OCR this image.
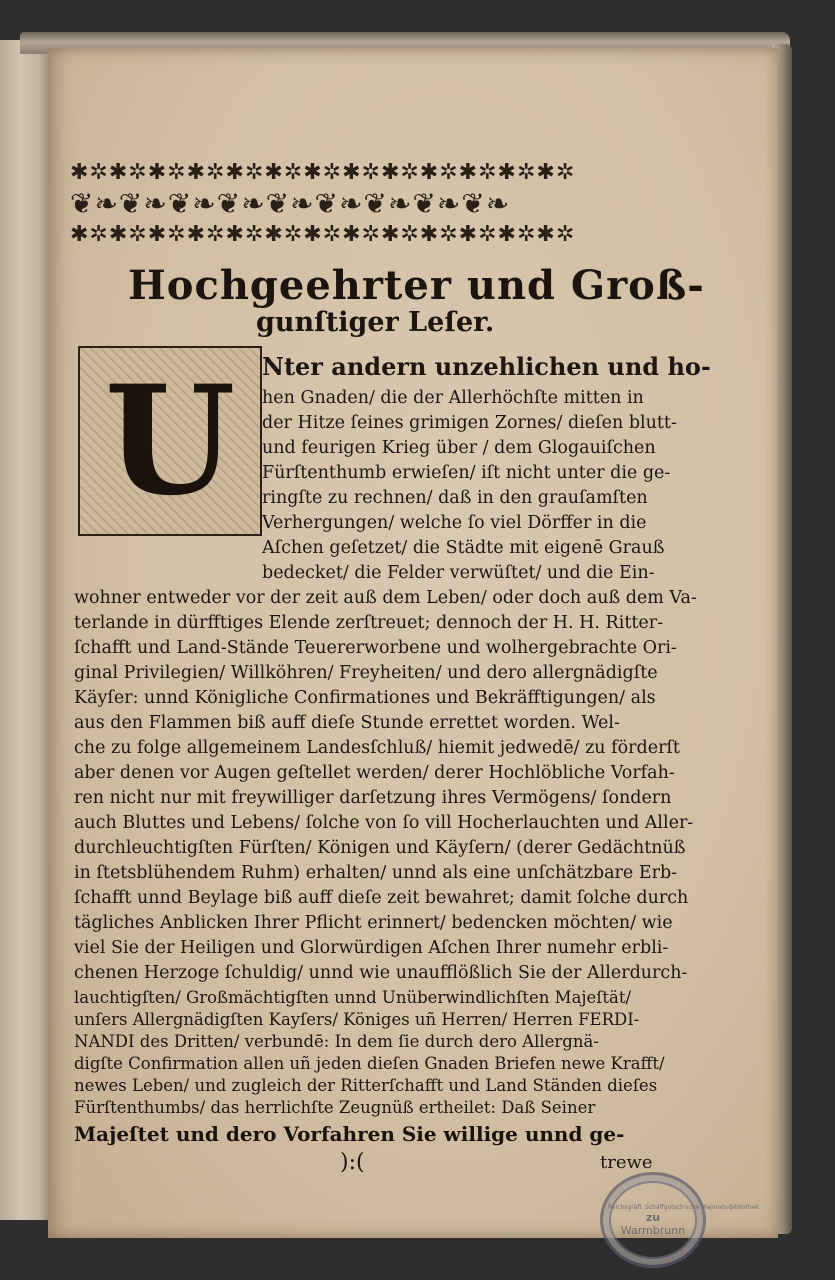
✱✲✱✲✱✲✱✲✱✲✱✲✱✲✱✲✱✲✱✲✱✲✱✲✱✲
❦❧❦❧❦❧❦❧❦❧❦❧❦❧❦❧❦❧
✱✲✱✲✱✲✱✲✱✲✱✲✱✲✱✲✱✲✱✲✱✲✱✲✱✲
Hochgeehrter und Groß-
gunſtiger Leſer.
U Nter andern unzehlichen und ho-
hen Gnaden/ die der Allerhöchſte mitten in
der Hitze ſeines grimigen Zornes/ dieſen blutt-
und feurigen Krieg über / dem Glogauiſchen
Fürſtenthumb erwieſen/ iſt nicht unter die ge-
ringſte zu rechnen/ daß in den grauſamſten
Verhergungen/ welche ſo viel Dörffer in die
Aſchen geſetzet/ die Städte mit eigenē Grauß
bedecket/ die Felder verwüſtet/ und die Ein-
wohner entweder vor der zeit auß dem Leben/ oder doch auß dem Va-
terlande in dürfftiges Elende zerſtreuet; dennoch der H. H. Ritter-
ſchafft und Land-Stände Teuererworbene und wolhergebrachte Ori-
ginal Privilegien/ Willköhren/ Freyheiten/ und dero allergnädigſte
Käyſer: unnd Königliche Confirmationes und Bekräfftigungen/ als
aus den Flammen biß auff dieſe Stunde errettet worden. Wel-
che zu folge allgemeinem Landesſchluß/ hiemit jedwedē/ zu förderſt
aber denen vor Augen geſtellet werden/ derer Hochlöbliche Vorfah-
ren nicht nur mit freywilliger darſetzung ihres Vermögens/ ſondern
auch Bluttes und Lebens/ ſolche von ſo vill Hocherlauchten und Aller-
durchleuchtigſten Fürſten/ Königen und Käyſern/ (derer Gedächtnüß
in ſtetsblühendem Ruhm) erhalten/ unnd als eine unſchätzbare Erb-
ſchafft unnd Beylage biß auff dieſe zeit bewahret; damit ſolche durch
tägliches Anblicken Ihrer Pflicht erinnert/ bedencken möchten/ wie
viel Sie der Heiligen und Glorwürdigen Aſchen Ihrer numehr erbli-
chenen Herzoge ſchuldig/ unnd wie unaufflößlich Sie der Allerdurch-
lauchtigſten/ Großmächtigſten unnd Unüberwindlichſten Majeſtät/
unſers Allergnädigſten Kayſers/ Königes uñ Herren/ Herren FERDI-
NANDI des Dritten/ verbundē: In dem ſie durch dero Allergnä-
digſte Confirmation allen uñ jeden dieſen Gnaden Briefen newe Krafft/
newes Leben/ und zugleich der Ritterſchafft und Land Ständen dieſes
Fürſtenthumbs/ das herrlichſte Zeugnüß ertheilet: Daß Seiner
Majeſtet und dero Vorfahren Sie willige unnd ge-
):(	trewe
Reichsgräfl. Schaffgotsch'sche Majorats-Bibliothek
zu
Warmbrunn
